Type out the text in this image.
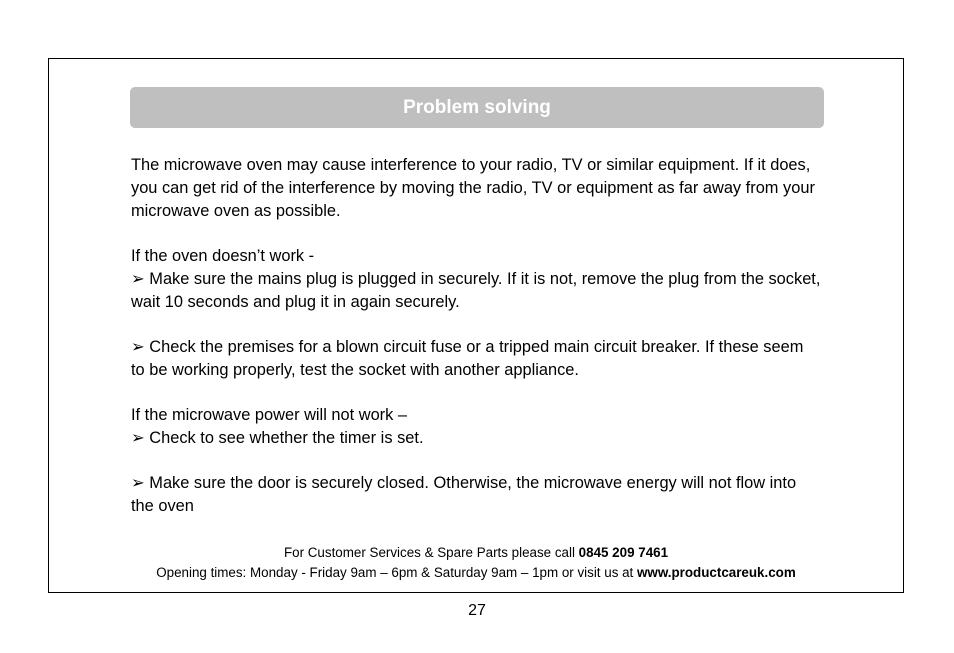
Problem solving

The microwave oven may cause interference to your radio, TV or similar equipment. If it does, you can get rid of the interference by moving the radio, TV or equipment as far away from your microwave oven as possible.

If the oven doesn’t work -

➢ Make sure the mains plug is plugged in securely. If it is not, remove the plug from the socket, wait 10 seconds and plug it in again securely.

➢ Check the premises for a blown circuit fuse or a tripped main circuit breaker. If these seem to be working properly, test the socket with another appliance.

If the microwave power will not work –

➢ Check to see whether the timer is set.

➢ Make sure the door is securely closed. Otherwise, the microwave energy will not flow into the oven

For Customer Services & Spare Parts please call 0845 209 7461
Opening times: Monday - Friday 9am – 6pm & Saturday 9am – 1pm or visit us at www.productcareuk.com
27
